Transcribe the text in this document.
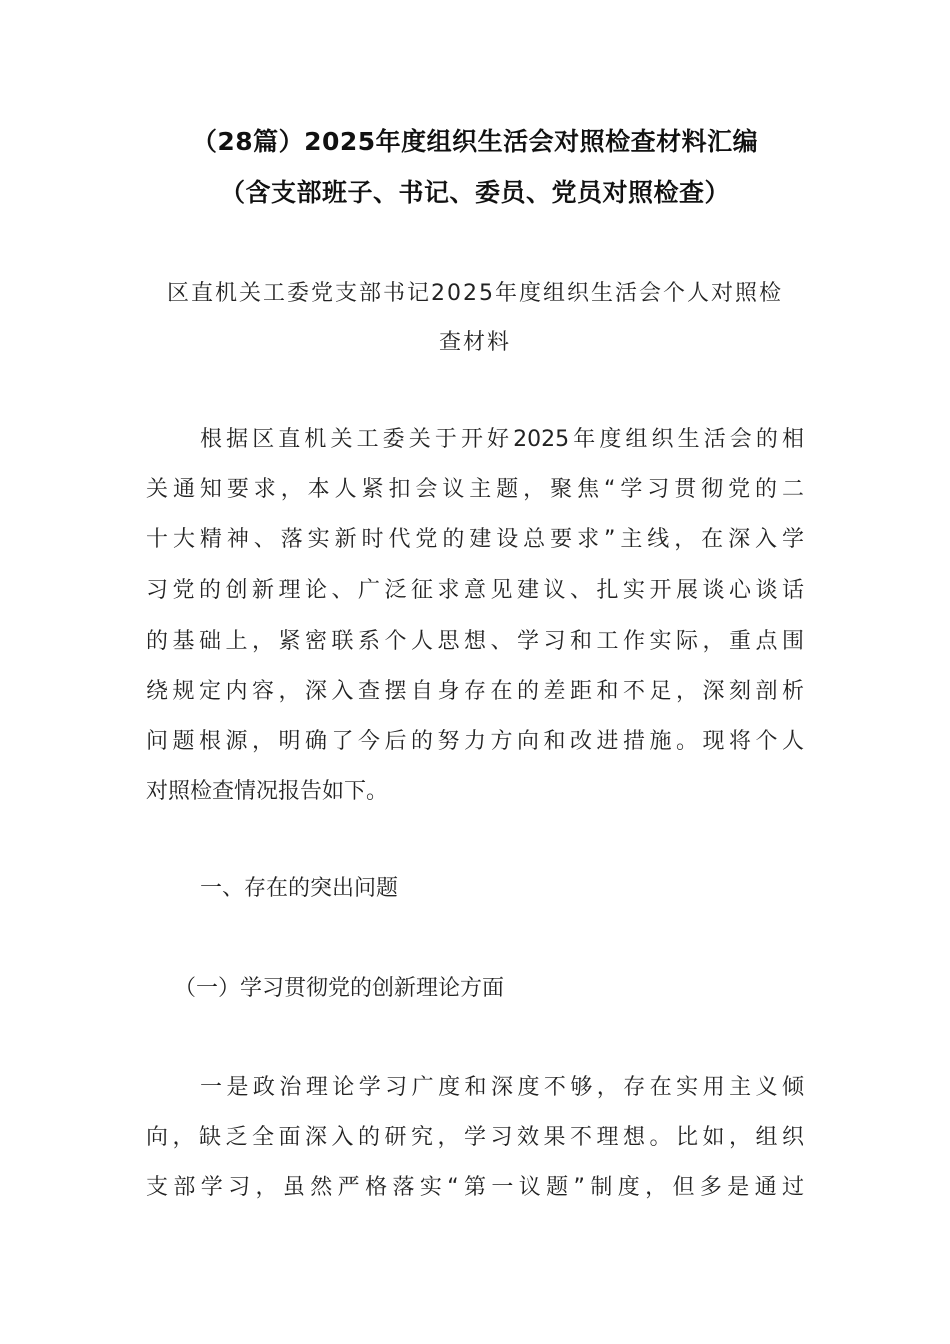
（28篇）2025年度组织生活会对照检查材料汇编
（含支部班子、书记、委员、党员对照检查）
区直机关工委党支部书记2025年度组织生活会个人对照检
查材料
根据区直机关工委关于开好2025年度组织生活会的相
关通知要求，本人紧扣会议主题，聚焦“学习贯彻党的二
十大精神、落实新时代党的建设总要求”主线，在深入学
习党的创新理论、广泛征求意见建议、扎实开展谈心谈话
的基础上，紧密联系个人思想、学习和工作实际，重点围
绕规定内容，深入查摆自身存在的差距和不足，深刻剖析
问题根源，明确了今后的努力方向和改进措施。现将个人
对照检查情况报告如下。
一、存在的突出问题
（一）学习贯彻党的创新理论方面
一是政治理论学习广度和深度不够，存在实用主义倾
向，缺乏全面深入的研究，学习效果不理想。比如，组织
支部学习，虽然严格落实“第一议题”制度，但多是通过
